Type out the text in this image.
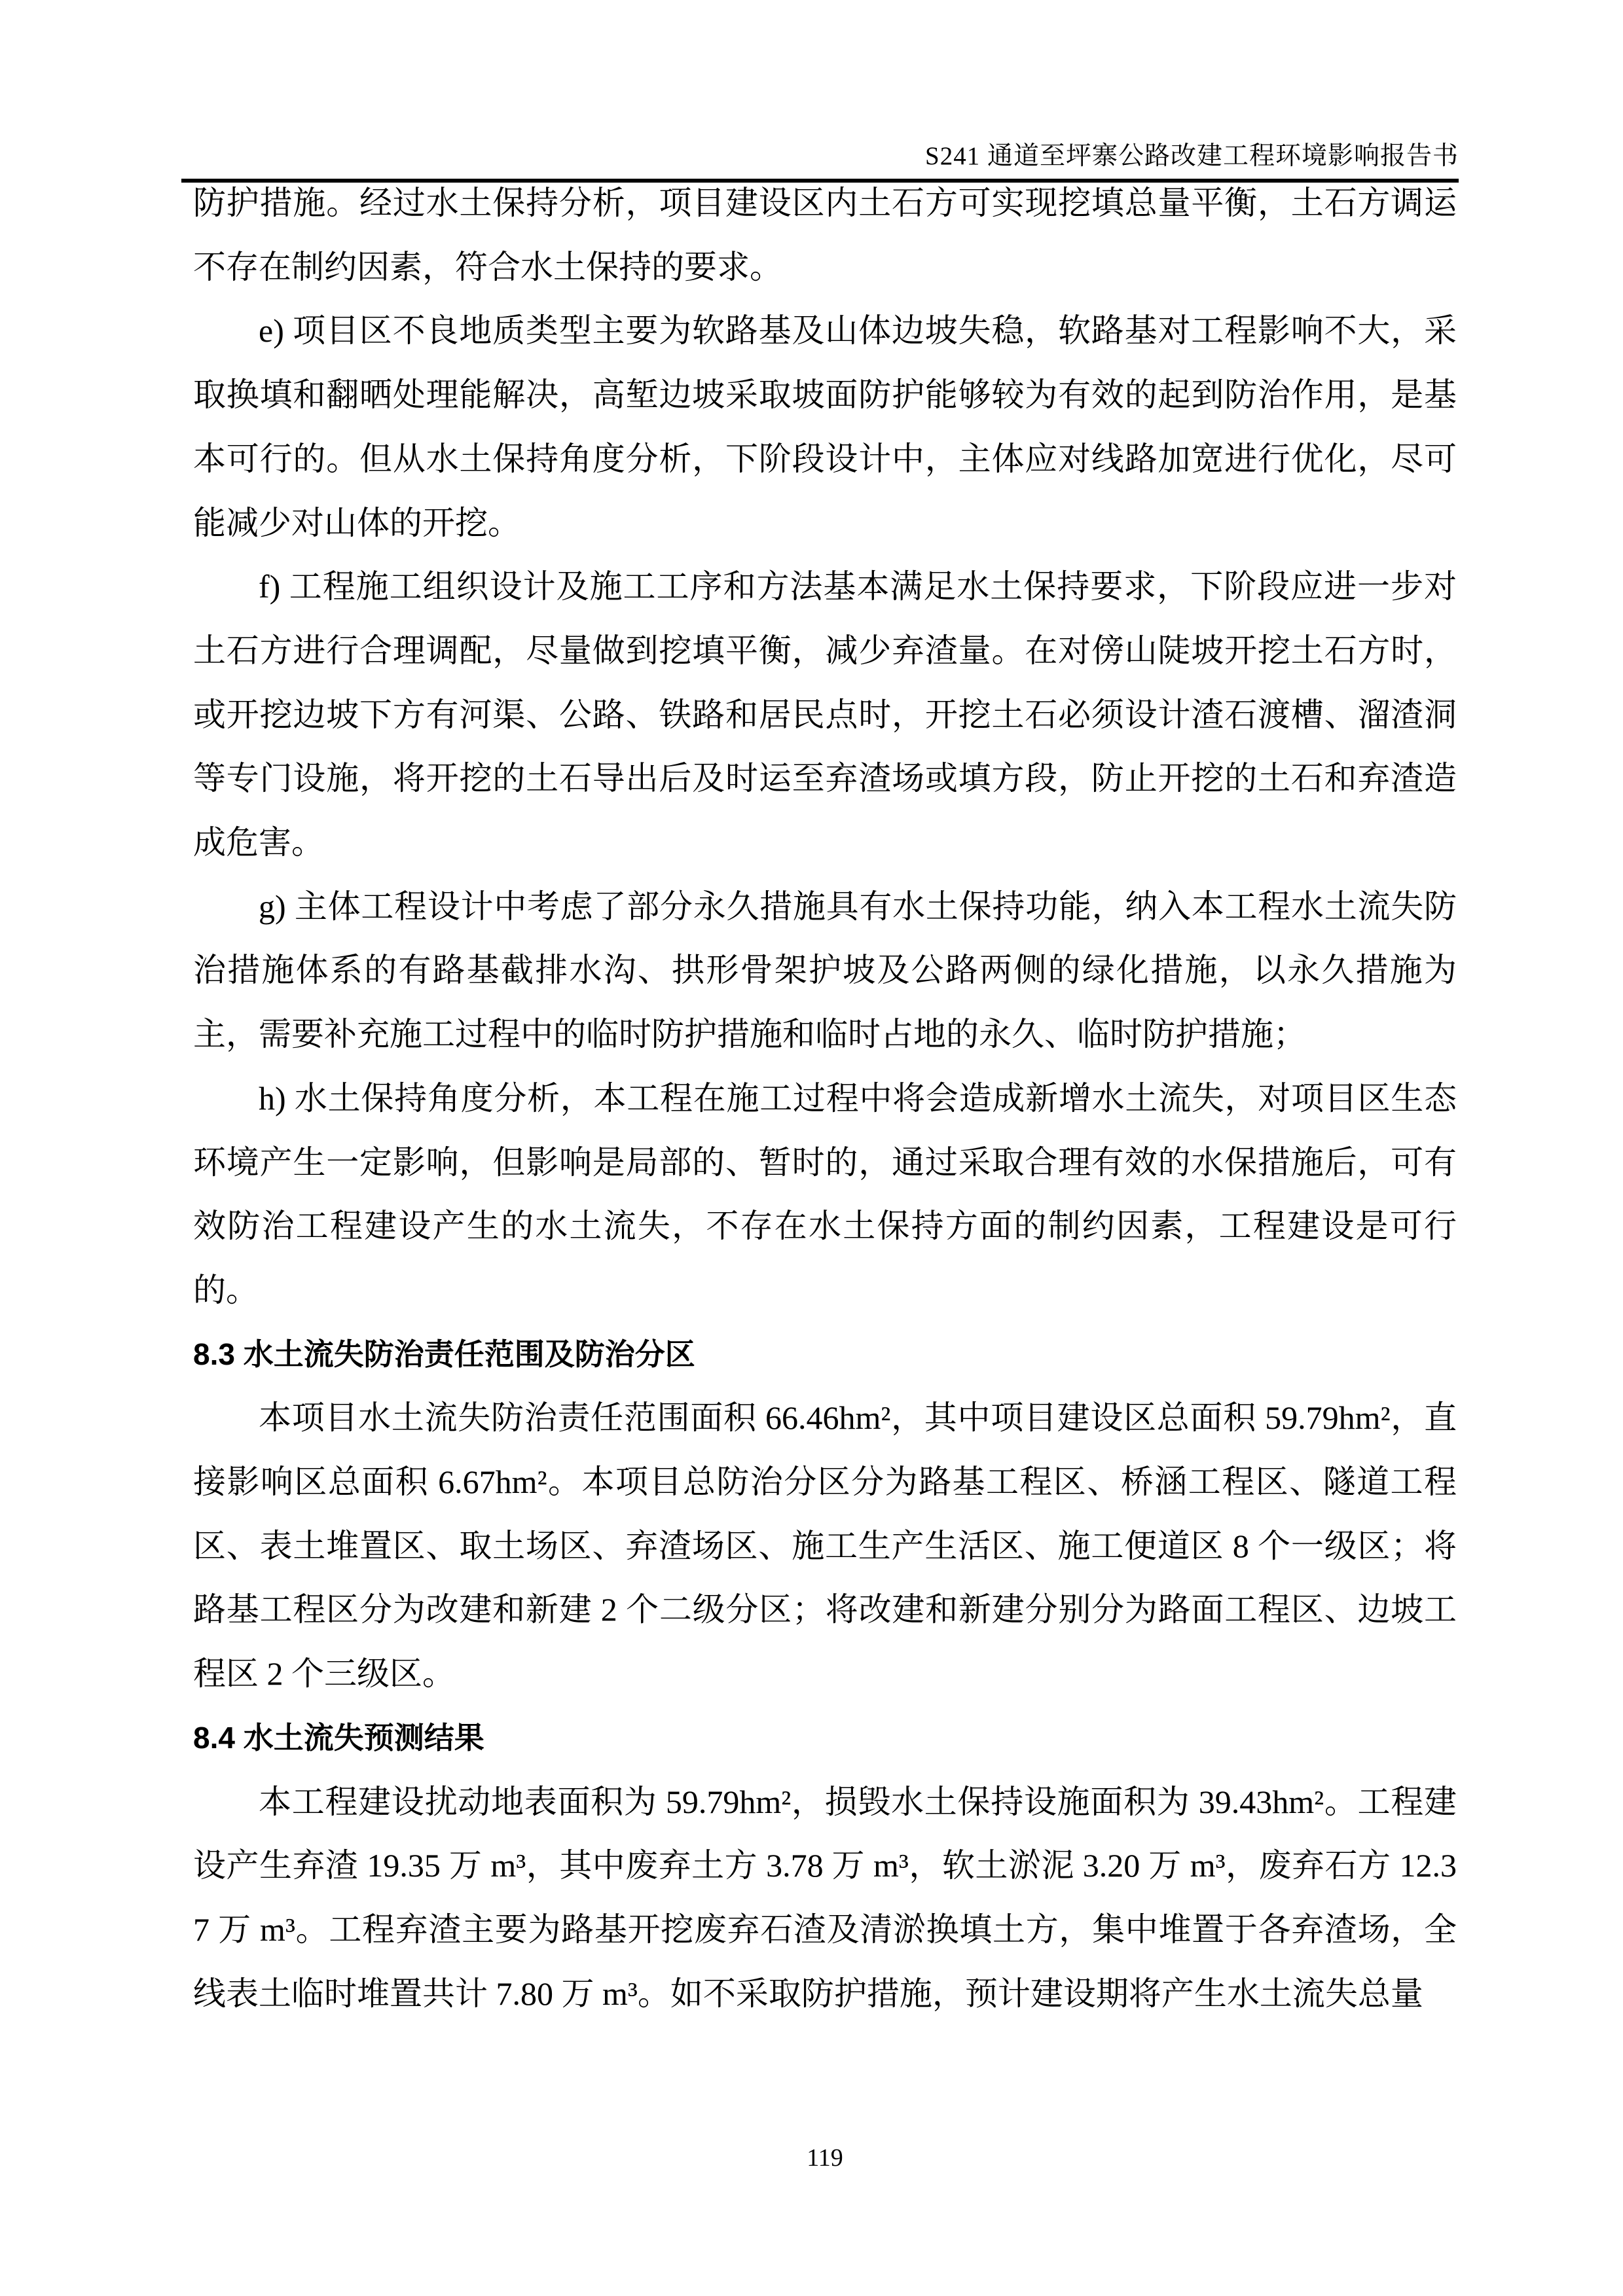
S241 通道至坪寨公路改建工程环境影响报告书

防护措施。经过水土保持分析，项目建设区内土石方可实现挖填总量平衡，土石方调运不存在制约因素，符合水土保持的要求。

e) 项目区不良地质类型主要为软路基及山体边坡失稳，软路基对工程影响不大，采取换填和翻晒处理能解决，高堑边坡采取坡面防护能够较为有效的起到防治作用，是基本可行的。但从水土保持角度分析，下阶段设计中，主体应对线路加宽进行优化，尽可能减少对山体的开挖。

f) 工程施工组织设计及施工工序和方法基本满足水土保持要求，下阶段应进一步对土石方进行合理调配，尽量做到挖填平衡，减少弃渣量。在对傍山陡坡开挖土石方时，或开挖边坡下方有河渠、公路、铁路和居民点时，开挖土石必须设计渣石渡槽、溜渣洞等专门设施，将开挖的土石导出后及时运至弃渣场或填方段，防止开挖的土石和弃渣造成危害。

g) 主体工程设计中考虑了部分永久措施具有水土保持功能，纳入本工程水土流失防治措施体系的有路基截排水沟、拱形骨架护坡及公路两侧的绿化措施，以永久措施为主，需要补充施工过程中的临时防护措施和临时占地的永久、临时防护措施；

h) 水土保持角度分析，本工程在施工过程中将会造成新增水土流失，对项目区生态环境产生一定影响，但影响是局部的、暂时的，通过采取合理有效的水保措施后，可有效防治工程建设产生的水土流失，不存在水土保持方面的制约因素，工程建设是可行的。

8.3 水土流失防治责任范围及防治分区

本项目水土流失防治责任范围面积 66.46hm²，其中项目建设区总面积 59.79hm²，直接影响区总面积 6.67hm²。本项目总防治分区分为路基工程区、桥涵工程区、隧道工程区、表土堆置区、取土场区、弃渣场区、施工生产生活区、施工便道区 8 个一级区；将路基工程区分为改建和新建 2 个二级分区；将改建和新建分别分为路面工程区、边坡工程区 2 个三级区。

8.4 水土流失预测结果

本工程建设扰动地表面积为 59.79hm²，损毁水土保持设施面积为 39.43hm²。工程建设产生弃渣 19.35 万 m³，其中废弃土方 3.78 万 m³，软土淤泥 3.20 万 m³，废弃石方 12.37 万 m³。工程弃渣主要为路基开挖废弃石渣及清淤换填土方，集中堆置于各弃渣场，全线表土临时堆置共计 7.80 万 m³。如不采取防护措施，预计建设期将产生水土流失总量

119
